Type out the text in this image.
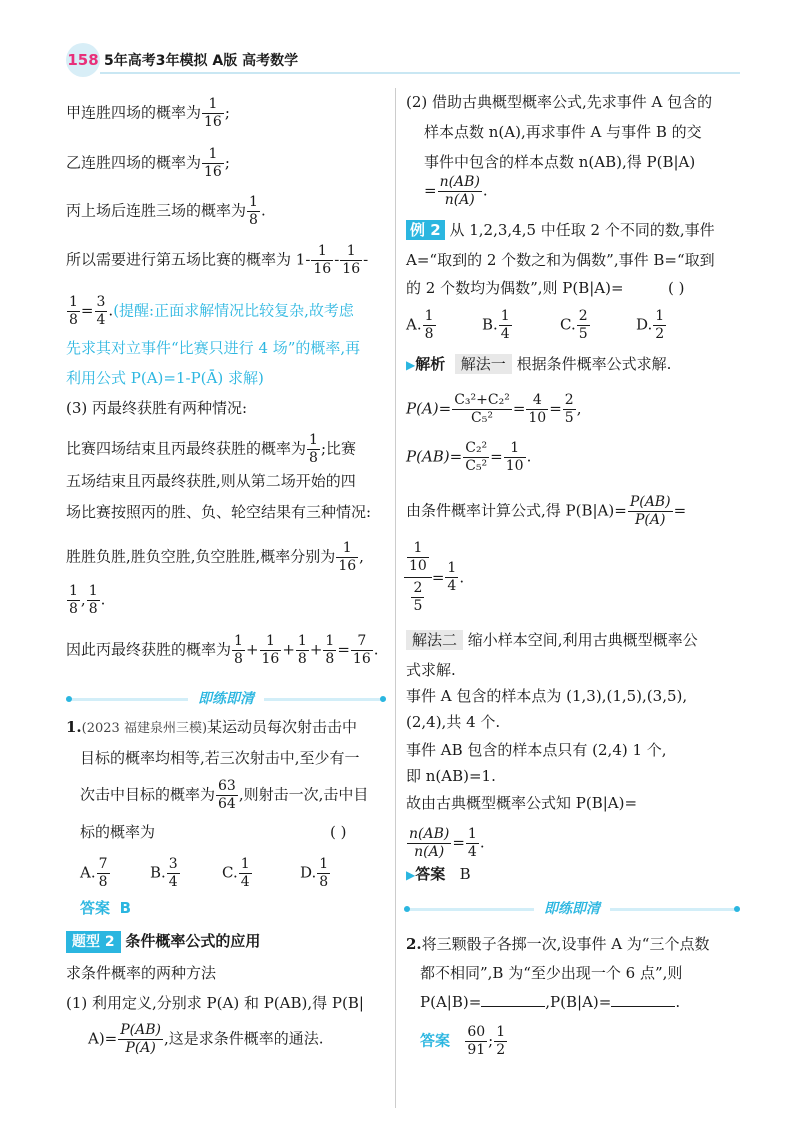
158 5年高考3年模拟 A版 高考数学
甲连胜四场的概率为 $\frac{1}{16}$ ;
乙连胜四场的概率为 $\frac{1}{16}$ ;
丙上场后连胜三场的概率为 $\frac{1}{8}$ .
所以需要进行第五场比赛的概率为 $1- \frac{1}{16} - \frac{1}{16}$ -
$\frac{1}{8} = \frac{3}{4}$ .(提醒:正面求解情况比较复杂,故考虑
先求其对立事件“比赛只进行 4 场”的概率,再
利用公式 P(A)=1-P(Ā) 求解)
(3) 丙最终获胜有两种情况:
比赛四场结束且丙最终获胜的概率为 $\frac{1}{8}$ ;比赛
五场结束且丙最终获胜,则从第二场开始的四
场比赛按照丙的胜、负、轮空结果有三种情况:
胜胜负胜,胜负空胜,负空胜胜,概率分别为 $\frac{1}{16}$ ,
$\frac{1}{8}$ , $\frac{1}{8}$ .
因此丙最终获胜的概率为 $\frac{1}{8} + \frac{1}{16} + \frac{1}{8} + \frac{1}{8} = \frac{7}{16}$ .
即练即清
1.(2023 福建泉州三模)某运动员每次射击击中
目标的概率均相等,若三次射击中,至少有一
次击中目标的概率为 $\frac{63}{64}$ ,则射击一次,击中目
标的概率为	( )
A. $\frac{7}{8}$	B. $\frac{3}{4}$	C. $\frac{1}{4}$	D. $\frac{1}{8}$
答案 B
题型 2 条件概率公式的应用
求条件概率的两种方法
(1) 利用定义,分别求 P(A) 和 P(AB),得 P(B|
$A)= \frac{P(AB)}{P(A)}$ ,这是求条件概率的通法.
(2) 借助古典概型概率公式,先求事件 A 包含的
样本点数 n(A),再求事件 A 与事件 B 的交
事件中包含的样本点数 n(AB),得 P(B|A)
= $\frac{n(AB)}{n(A)}$ .
例 2 从 1,2,3,4,5 中任取 2 个不同的数,事件
A=“取到的 2 个数之和为偶数”,事件 B=“取到
的 2 个数均为偶数”,则 P(B|A)=	( )
A. $\frac{1}{8}$	B. $\frac{1}{4}$	C. $\frac{2}{5}$	D. $\frac{1}{2}$
▶解析 解法一 根据条件概率公式求解.
$P(A)= \frac{\text{C₃²+C₂²}}{\text{C₅²}} = \frac{4}{10} = \frac{2}{5}$ ,
$P(AB)= \frac{\text{C₂²}}{\text{C₅²}} = \frac{1}{10}$ .
由条件概率计算公式,得 $P(B|A)= \frac{P(AB)}{P(A)}$ =
$\frac{\frac{1}{10}}{\frac{2}{5}} = \frac{1}{4}$ .
解法二 缩小样本空间,利用古典概型概率公
式求解.
事件 A 包含的样本点为 (1,3),(1,5),(3,5),
(2,4),共 4 个.
事件 AB 包含的样本点只有 (2,4) 1 个,
即 n(AB)=1.
故由古典概型概率公式知 P(B|A)=
$\frac{n(AB)}{n(A)} = \frac{1}{4}$ .
▶答案 B
即练即清
2.将三颗骰子各掷一次,设事件 A 为“三个点数
都不相同”,B 为“至少出现一个 6 点”,则
P(A|B)=	,P(B|A)=	.
答案 $\frac{60}{91}$ ; $\frac{1}{2}$
